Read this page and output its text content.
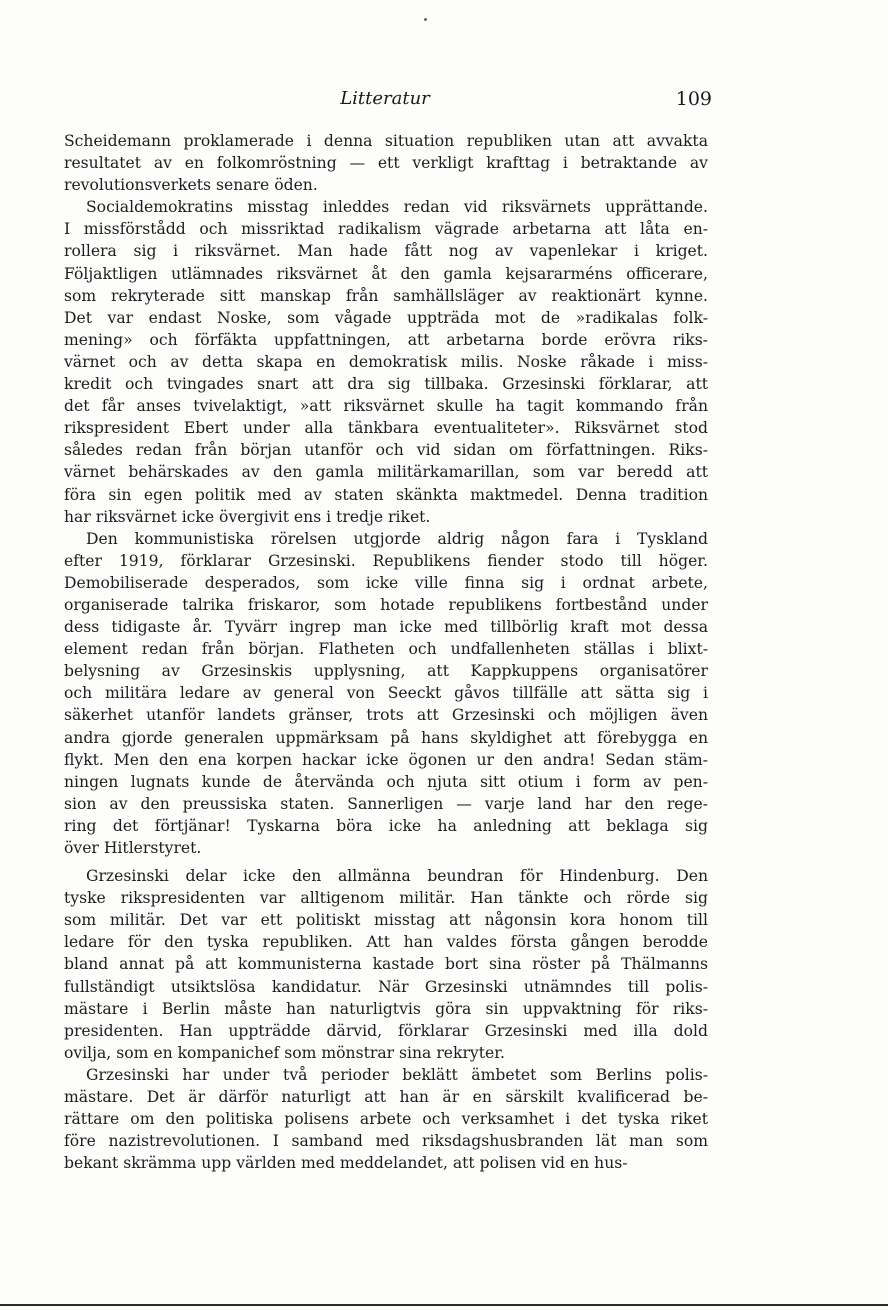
Litteratur	109
Scheidemann proklamerade i denna situation republiken utan att avvakta
resultatet av en folkomröstning — ett verkligt krafttag i betraktande av
revolutionsverkets senare öden.
Socialdemokratins misstag inleddes redan vid riksvärnets upprättande.
I missförstådd och missriktad radikalism vägrade arbetarna att låta en-
rollera sig i riksvärnet. Man hade fått nog av vapenlekar i kriget.
Följaktligen utlämnades riksvärnet åt den gamla kejsararméns officerare,
som rekryterade sitt manskap från samhällsläger av reaktionärt kynne.
Det var endast Noske, som vågade uppträda mot de »radikalas folk-
mening» och förfäkta uppfattningen, att arbetarna borde erövra riks-
värnet och av detta skapa en demokratisk milis. Noske råkade i miss-
kredit och tvingades snart att dra sig tillbaka. Grzesinski förklarar, att
det får anses tvivelaktigt, »att riksvärnet skulle ha tagit kommando från
rikspresident Ebert under alla tänkbara eventualiteter». Riksvärnet stod
således redan från början utanför och vid sidan om författningen. Riks-
värnet behärskades av den gamla militärkamarillan, som var beredd att
föra sin egen politik med av staten skänkta maktmedel. Denna tradition
har riksvärnet icke övergivit ens i tredje riket.
Den kommunistiska rörelsen utgjorde aldrig någon fara i Tyskland
efter 1919, förklarar Grzesinski. Republikens fiender stodo till höger.
Demobiliserade desperados, som icke ville finna sig i ordnat arbete,
organiserade talrika friskaror, som hotade republikens fortbestånd under
dess tidigaste år. Tyvärr ingrep man icke med tillbörlig kraft mot dessa
element redan från början. Flatheten och undfallenheten ställas i blixt-
belysning av Grzesinskis upplysning, att Kappkuppens organisatörer
och militära ledare av general von Seeckt gåvos tillfälle att sätta sig i
säkerhet utanför landets gränser, trots att Grzesinski och möjligen även
andra gjorde generalen uppmärksam på hans skyldighet att förebygga en
flykt. Men den ena korpen hackar icke ögonen ur den andra! Sedan stäm-
ningen lugnats kunde de återvända och njuta sitt otium i form av pen-
sion av den preussiska staten. Sannerligen — varje land har den rege-
ring det förtjänar! Tyskarna böra icke ha anledning att beklaga sig
över Hitlerstyret.
Grzesinski delar icke den allmänna beundran för Hindenburg. Den
tyske rikspresidenten var alltigenom militär. Han tänkte och rörde sig
som militär. Det var ett politiskt misstag att någonsin kora honom till
ledare för den tyska republiken. Att han valdes första gången berodde
bland annat på att kommunisterna kastade bort sina röster på Thälmanns
fullständigt utsiktslösa kandidatur. När Grzesinski utnämndes till polis-
mästare i Berlin måste han naturligtvis göra sin uppvaktning för riks-
presidenten. Han uppträdde därvid, förklarar Grzesinski med illa dold
ovilja, som en kompanichef som mönstrar sina rekryter.
Grzesinski har under två perioder beklätt ämbetet som Berlins polis-
mästare. Det är därför naturligt att han är en särskilt kvalificerad be-
rättare om den politiska polisens arbete och verksamhet i det tyska riket
före nazistrevolutionen. I samband med riksdagshusbranden lät man som
bekant skrämma upp världen med meddelandet, att polisen vid en hus-
